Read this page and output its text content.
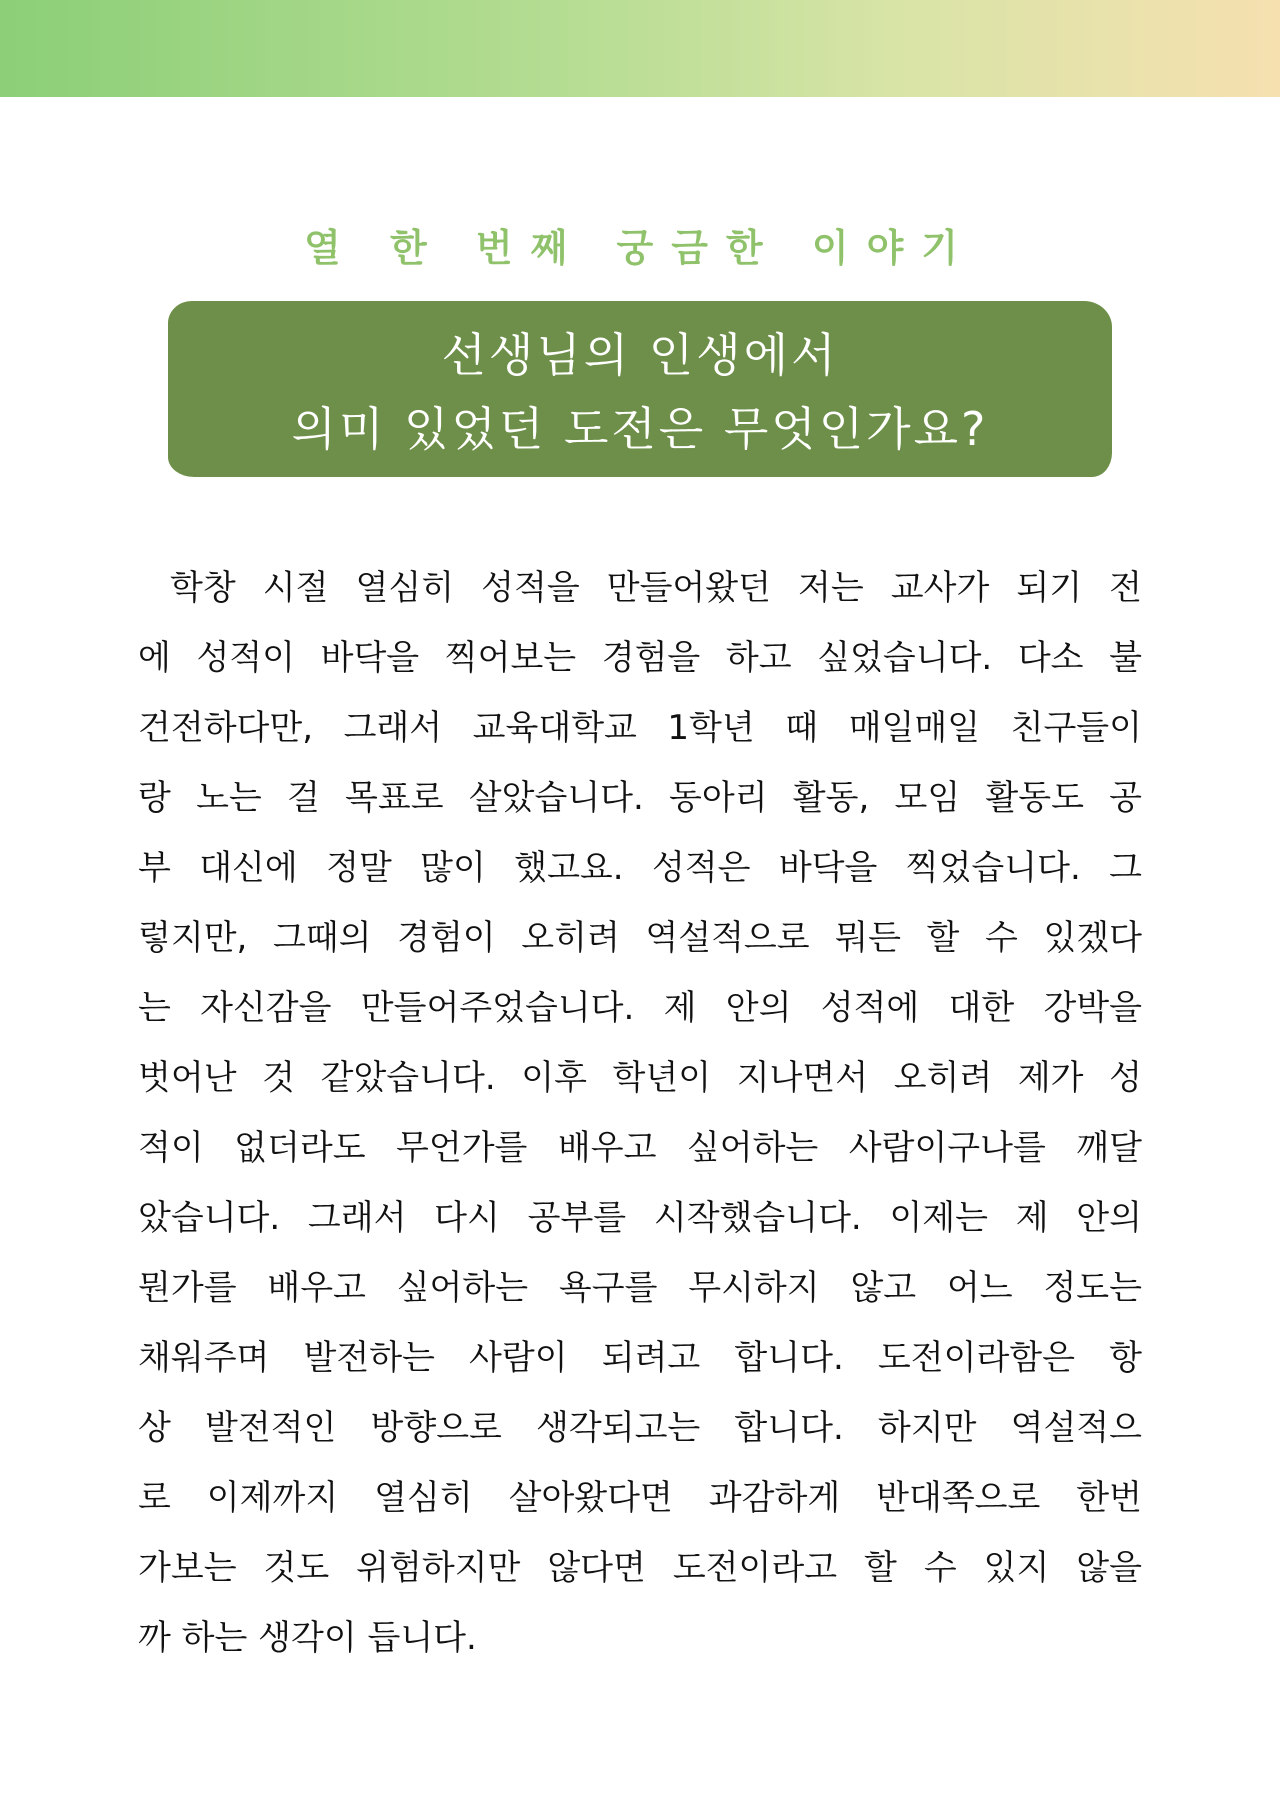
열 한 번째 궁금한 이야기
선생님의 인생에서
의미 있었던 도전은 무엇인가요?
학창 시절 열심히 성적을 만들어왔던 저는 교사가 되기 전
에 성적이 바닥을 찍어보는 경험을 하고 싶었습니다. 다소 불
건전하다만, 그래서 교육대학교 1학년 때 매일매일 친구들이
랑 노는 걸 목표로 살았습니다. 동아리 활동, 모임 활동도 공
부 대신에 정말 많이 했고요. 성적은 바닥을 찍었습니다. 그
렇지만, 그때의 경험이 오히려 역설적으로 뭐든 할 수 있겠다
는 자신감을 만들어주었습니다. 제 안의 성적에 대한 강박을
벗어난 것 같았습니다. 이후 학년이 지나면서 오히려 제가 성
적이 없더라도 무언가를 배우고 싶어하는 사람이구나를 깨달
았습니다. 그래서 다시 공부를 시작했습니다. 이제는 제 안의
뭔가를 배우고 싶어하는 욕구를 무시하지 않고 어느 정도는
채워주며 발전하는 사람이 되려고 합니다. 도전이라함은 항
상 발전적인 방향으로 생각되고는 합니다. 하지만 역설적으
로 이제까지 열심히 살아왔다면 과감하게 반대쪽으로 한번
가보는 것도 위험하지만 않다면 도전이라고 할 수 있지 않을
까 하는 생각이 듭니다.
